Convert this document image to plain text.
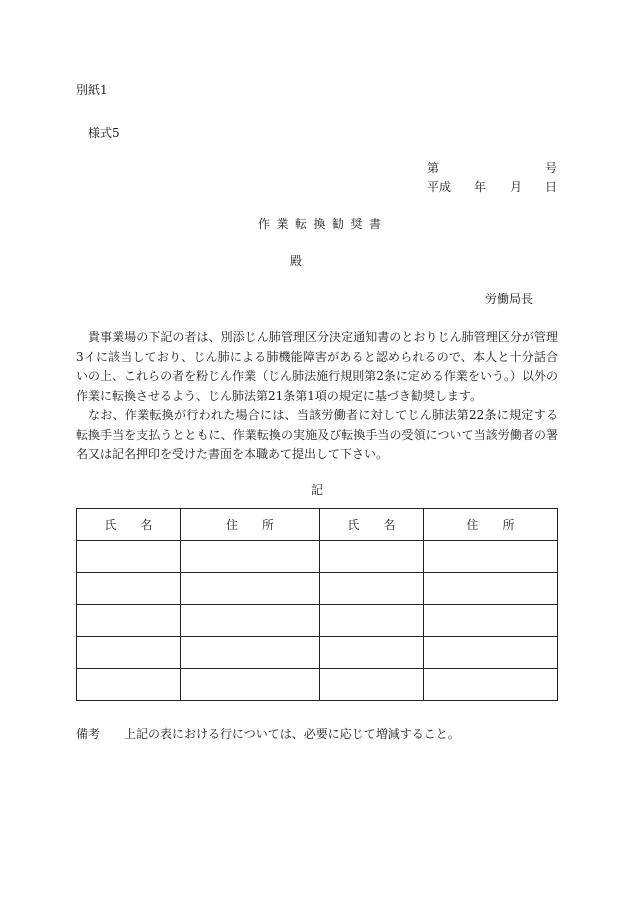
別紙1
様式5
第	号
平成 年 月 日
作業転換勧奨書
殿
労働局長

貴事業場の下記の者は、別添じん肺管理区分決定通知書のとおりじん肺管理区分が管理3イに該当しており、じん肺による肺機能障害があると認められるので、本人と十分話合いの上、これらの者を粉じん作業（じん肺法施行規則第2条に定める作業をいう。）以外の作業に転換させるよう、じん肺法第21条第1項の規定に基づき勧奨します。

なお、作業転換が行われた場合には、当該労働者に対してじん肺法第22条に規定する転換手当を支払うとともに、作業転換の実施及び転換手当の受領について当該労働者の署名又は記名押印を受けた書面を本職あて提出して下さい。

記
氏　　名	住　　所	氏　　名	住　　所

備考 上記の表における行については、必要に応じて増減すること。
